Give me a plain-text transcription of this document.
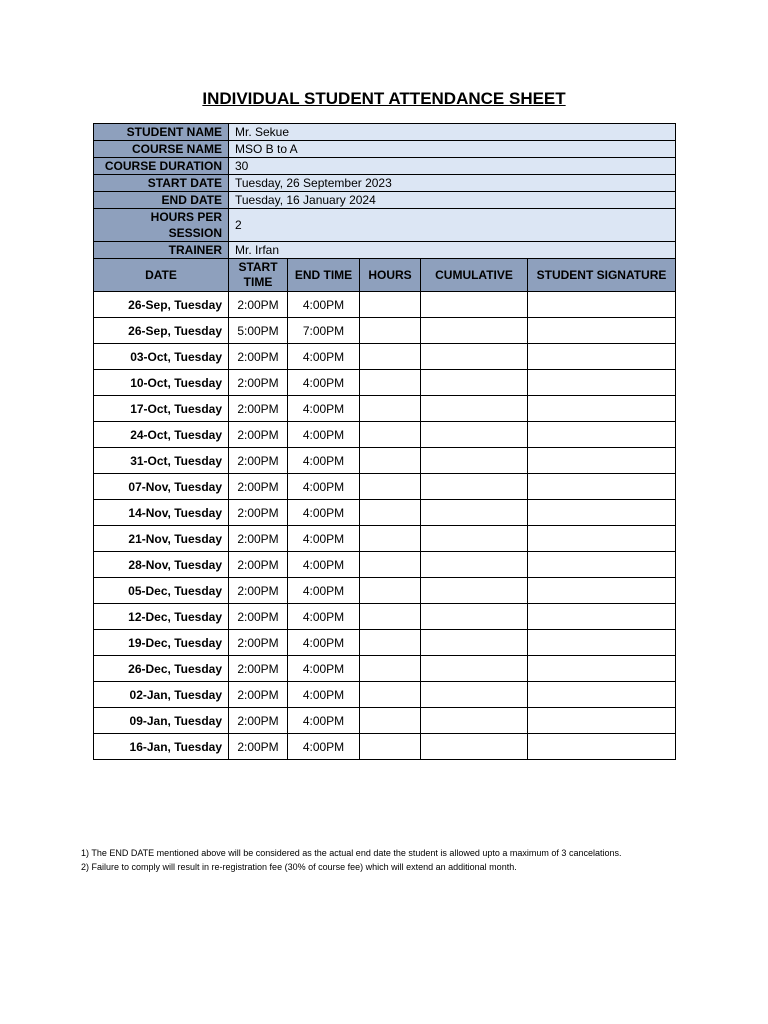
INDIVIDUAL STUDENT ATTENDANCE SHEET
STUDENT NAME	Mr. Sekue				
COURSE NAME	MSO B to A				
COURSE DURATION	30				
START DATE	Tuesday, 26 September 2023				
END DATE	Tuesday, 16 January 2024				
HOURS PER SESSION	2				
TRAINER	Mr. Irfan				
DATE	START TIME	END TIME	HOURS	CUMULATIVE	STUDENT SIGNATURE
26-Sep, Tuesday	2:00PM	4:00PM			
26-Sep, Tuesday	5:00PM	7:00PM			
03-Oct, Tuesday	2:00PM	4:00PM			
10-Oct, Tuesday	2:00PM	4:00PM			
17-Oct, Tuesday	2:00PM	4:00PM			
24-Oct, Tuesday	2:00PM	4:00PM			
31-Oct, Tuesday	2:00PM	4:00PM			
07-Nov, Tuesday	2:00PM	4:00PM			
14-Nov, Tuesday	2:00PM	4:00PM			
21-Nov, Tuesday	2:00PM	4:00PM			
28-Nov, Tuesday	2:00PM	4:00PM			
05-Dec, Tuesday	2:00PM	4:00PM			
12-Dec, Tuesday	2:00PM	4:00PM			
19-Dec, Tuesday	2:00PM	4:00PM			
26-Dec, Tuesday	2:00PM	4:00PM			
02-Jan, Tuesday	2:00PM	4:00PM			
09-Jan, Tuesday	2:00PM	4:00PM			
16-Jan, Tuesday	2:00PM	4:00PM			
1) The END DATE mentioned above will be considered as the actual end date the student is allowed upto a maximum of 3 cancelations.
2) Failure to comply will result in re-registration fee (30% of course fee) which will extend an additional month.
